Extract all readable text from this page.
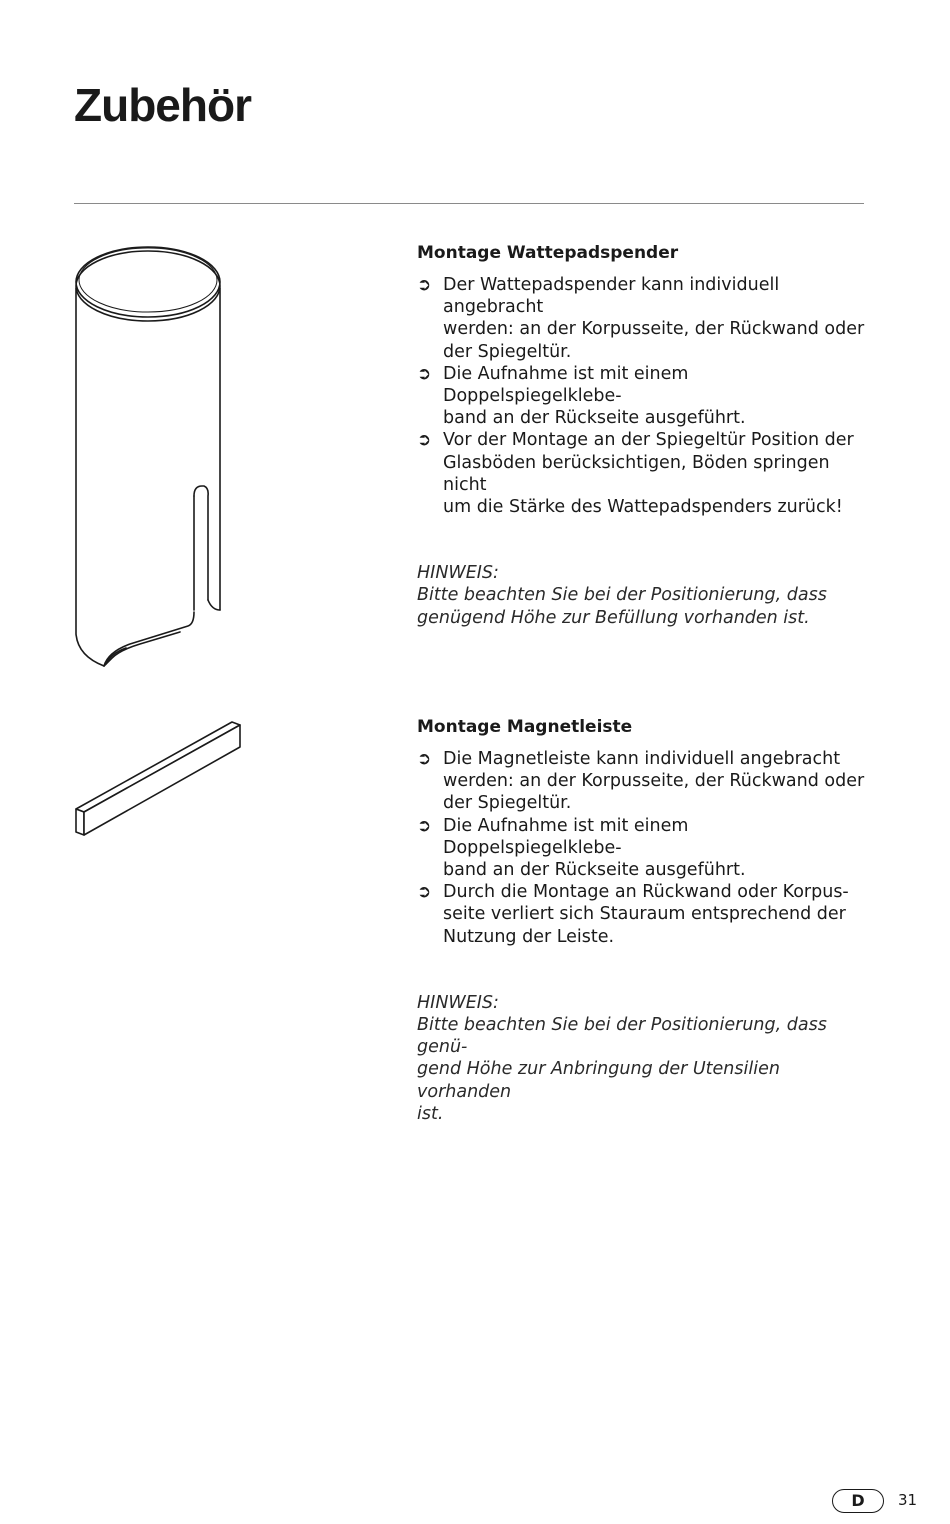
Zubehör
Montage Wattepadspender
➲ Der Wattepadspender kann individuell angebracht
werden: an der Korpusseite, der Rückwand oder
der Spiegeltür.
➲ Die Aufnahme ist mit einem Doppelspiegelklebe-
band an der Rückseite ausgeführt.
➲ Vor der Montage an der Spiegeltür Position der
Glasböden berücksichtigen, Böden springen nicht
um die Stärke des Wattepadspenders zurück!
HINWEIS:
Bitte beachten Sie bei der Positionierung, dass
genügend Höhe zur Befüllung vorhanden ist.
Montage Magnetleiste
➲ Die Magnetleiste kann individuell angebracht
werden: an der Korpusseite, der Rückwand oder
der Spiegeltür.
➲ Die Aufnahme ist mit einem Doppelspiegelklebe-
band an der Rückseite ausgeführt.
➲ Durch die Montage an Rückwand oder Korpus-
seite verliert sich Stauraum entsprechend der
Nutzung der Leiste.
HINWEIS:
Bitte beachten Sie bei der Positionierung, dass genü-
gend Höhe zur Anbringung der Utensilien vorhanden
ist.
D	31
